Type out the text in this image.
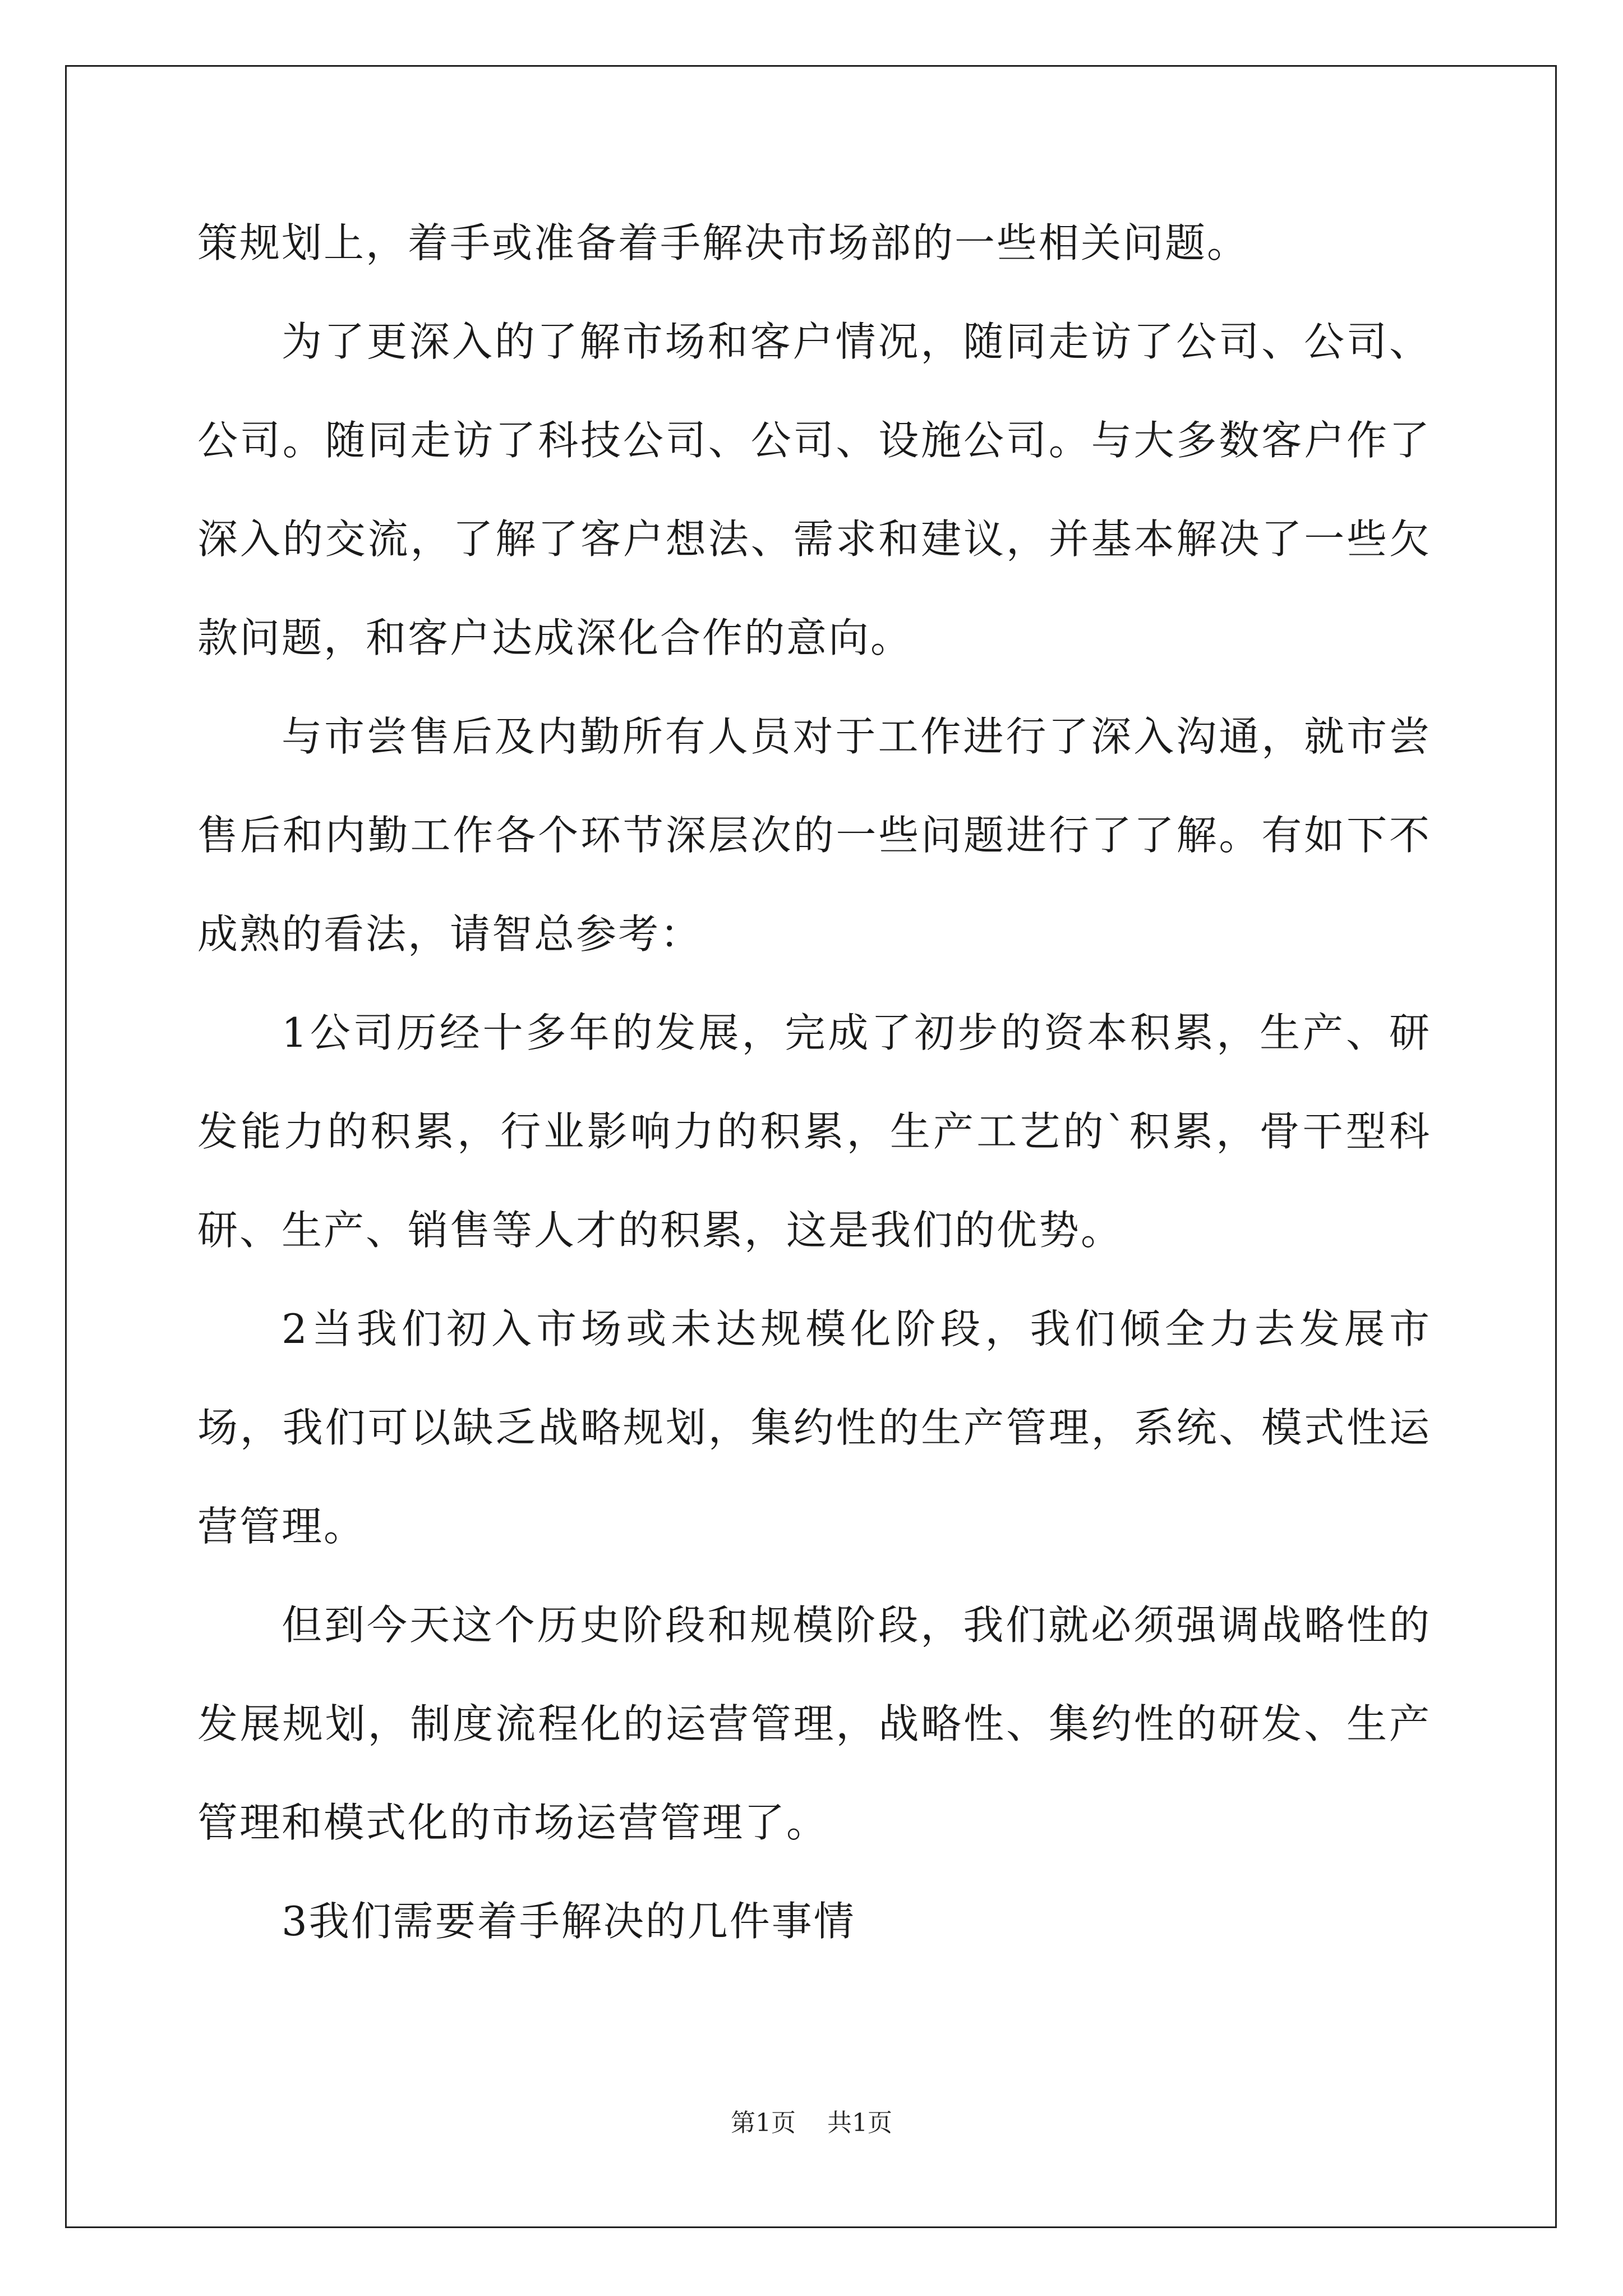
策规划上，着手或准备着手解决市场部的一些相关问题。

为了更深入的了解市场和客户情况，随同走访了公司、公司、公司。随同走访了科技公司、公司、设施公司。与大多数客户作了深入的交流，了解了客户想法、需求和建议，并基本解决了一些欠款问题，和客户达成深化合作的意向。

与市尝售后及内勤所有人员对于工作进行了深入沟通，就市尝售后和内勤工作各个环节深层次的一些问题进行了了解。有如下不成熟的看法，请智总参考：

1公司历经十多年的发展，完成了初步的资本积累，生产、研发能力的积累，行业影响力的积累，生产工艺的`积累，骨干型科研、生产、销售等人才的积累，这是我们的优势。

2当我们初入市场或未达规模化阶段，我们倾全力去发展市场，我们可以缺乏战略规划，集约性的生产管理，系统、模式性运营管理。

但到今天这个历史阶段和规模阶段，我们就必须强调战略性的发展规划，制度流程化的运营管理，战略性、集约性的研发、生产管理和模式化的市场运营管理了。

3我们需要着手解决的几件事情

第1页 共1页
